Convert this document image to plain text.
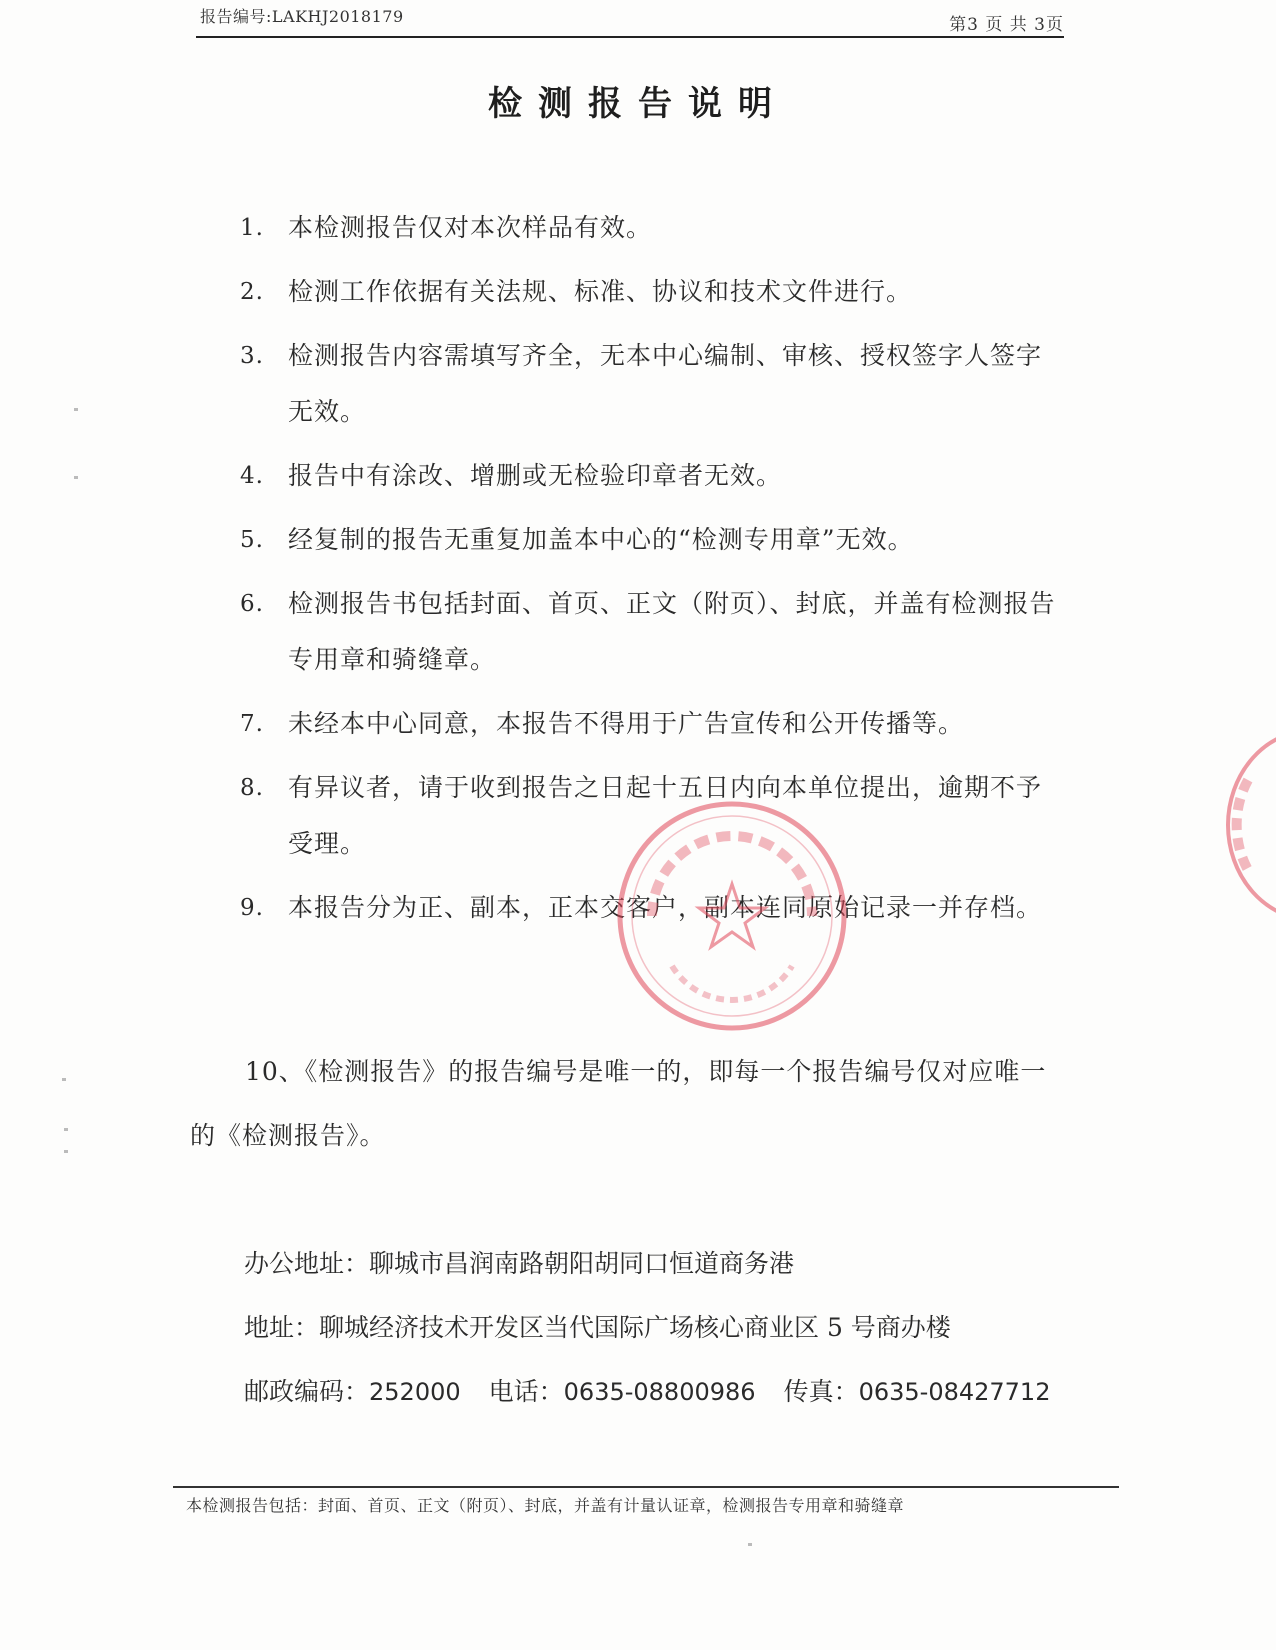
报告编号:LAKHJ2018179	第3 页 共 3页
检测报告说明
1. 本检测报告仅对本次样品有效。
2. 检测工作依据有关法规、标准、协议和技术文件进行。
3. 检测报告内容需填写齐全，无本中心编制、审核、授权签字人签字无效。
4. 报告中有涂改、增删或无检验印章者无效。
5. 经复制的报告无重复加盖本中心的“检测专用章”无效。
6. 检测报告书包括封面、首页、正文（附页）、封底，并盖有检测报告专用章和骑缝章。
7. 未经本中心同意，本报告不得用于广告宣传和公开传播等。
8. 有异议者，请于收到报告之日起十五日内向本单位提出，逾期不予受理。
9. 本报告分为正、副本，正本交客户，副本连同原始记录一并存档。
10、《检测报告》的报告编号是唯一的，即每一个报告编号仅对应唯一的《检测报告》。
办公地址：聊城市昌润南路朝阳胡同口恒道商务港
地址：聊城经济技术开发区当代国际广场核心商业区 5 号商办楼
邮政编码：252000 电话：0635-08800986 传真：0635-08427712
本检测报告包括：封面、首页、正文（附页）、封底，并盖有计量认证章，检测报告专用章和骑缝章
